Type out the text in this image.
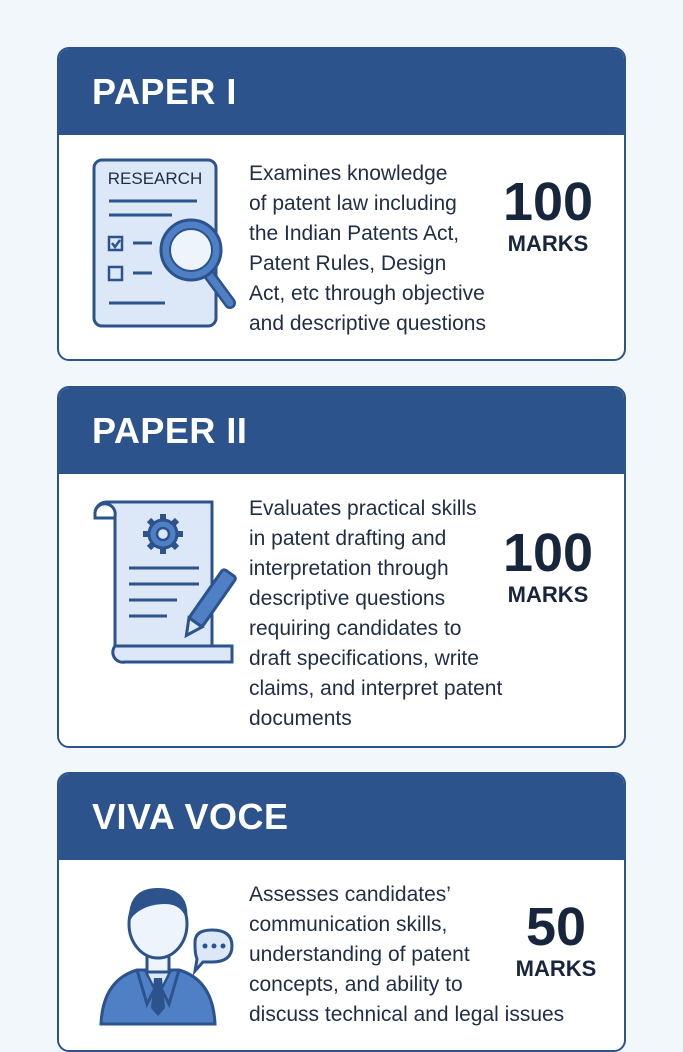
PAPER I
RESEARCH Examines knowledge
of patent law including
the Indian Patents Act,
Patent Rules, Design
Act, etc through objective
and descriptive questions
100
MARKS
PAPER II
Evaluates practical skills
in patent drafting and
interpretation through
descriptive questions
requiring candidates to
draft specifications, write
claims, and interpret patent
documents
100
MARKS
VIVA VOCE
Assesses candidates’
communication skills,
understanding of patent
concepts, and ability to
discuss technical and legal issues
50
MARKS
